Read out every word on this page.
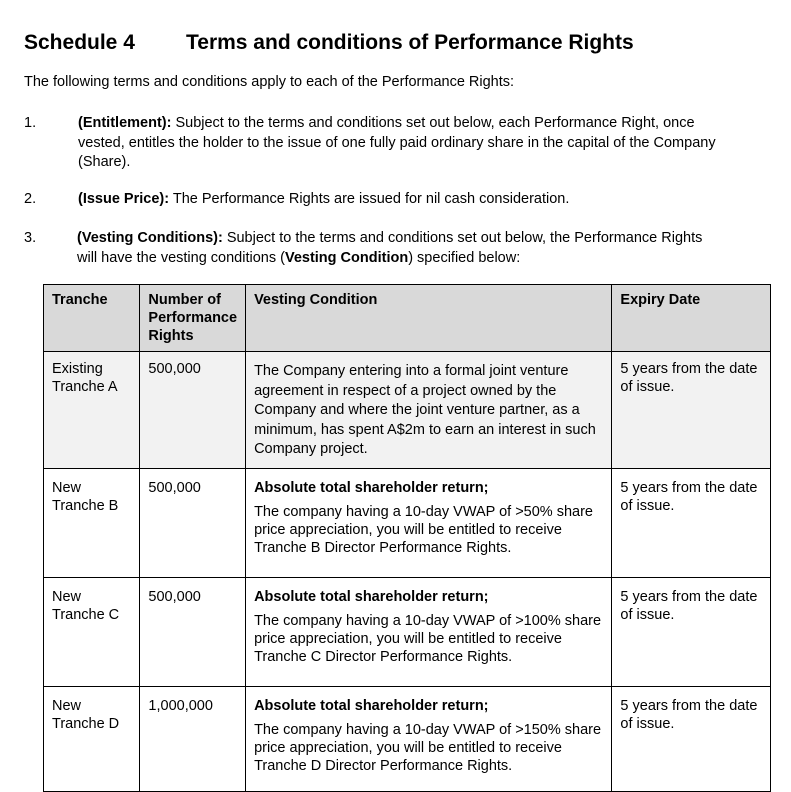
Schedule 4 Terms and conditions of Performance Rights
The following terms and conditions apply to each of the Performance Rights:
1.	(Entitlement): Subject to the terms and conditions set out below, each Performance Right, once vested, entitles the holder to the issue of one fully paid ordinary share in the capital of the Company (Share).
2.	(Issue Price): The Performance Rights are issued for nil cash consideration.
3.	(Vesting Conditions): Subject to the terms and conditions set out below, the Performance Rights will have the vesting conditions (Vesting Condition) specified below:
Tranche	Number of Performance Rights	Vesting Condition	Expiry Date
Existing Tranche A	500,000	The Company entering into a formal joint venture agreement in respect of a project owned by the Company and where the joint venture partner, as a minimum, has spent A$2m to earn an interest in such Company project.	5 years from the date of issue.
New Tranche B	500,000	Absolute total shareholder return;
The company having a 10-day VWAP of >50% share price appreciation, you will be entitled to receive Tranche B Director Performance Rights.	5 years from the date of issue.
New Tranche C	500,000	Absolute total shareholder return;
The company having a 10-day VWAP of >100% share price appreciation, you will be entitled to receive Tranche C Director Performance Rights.	5 years from the date of issue.
New Tranche D	1,000,000	Absolute total shareholder return;
The company having a 10-day VWAP of >150% share price appreciation, you will be entitled to receive Tranche D Director Performance Rights.	5 years from the date of issue.
